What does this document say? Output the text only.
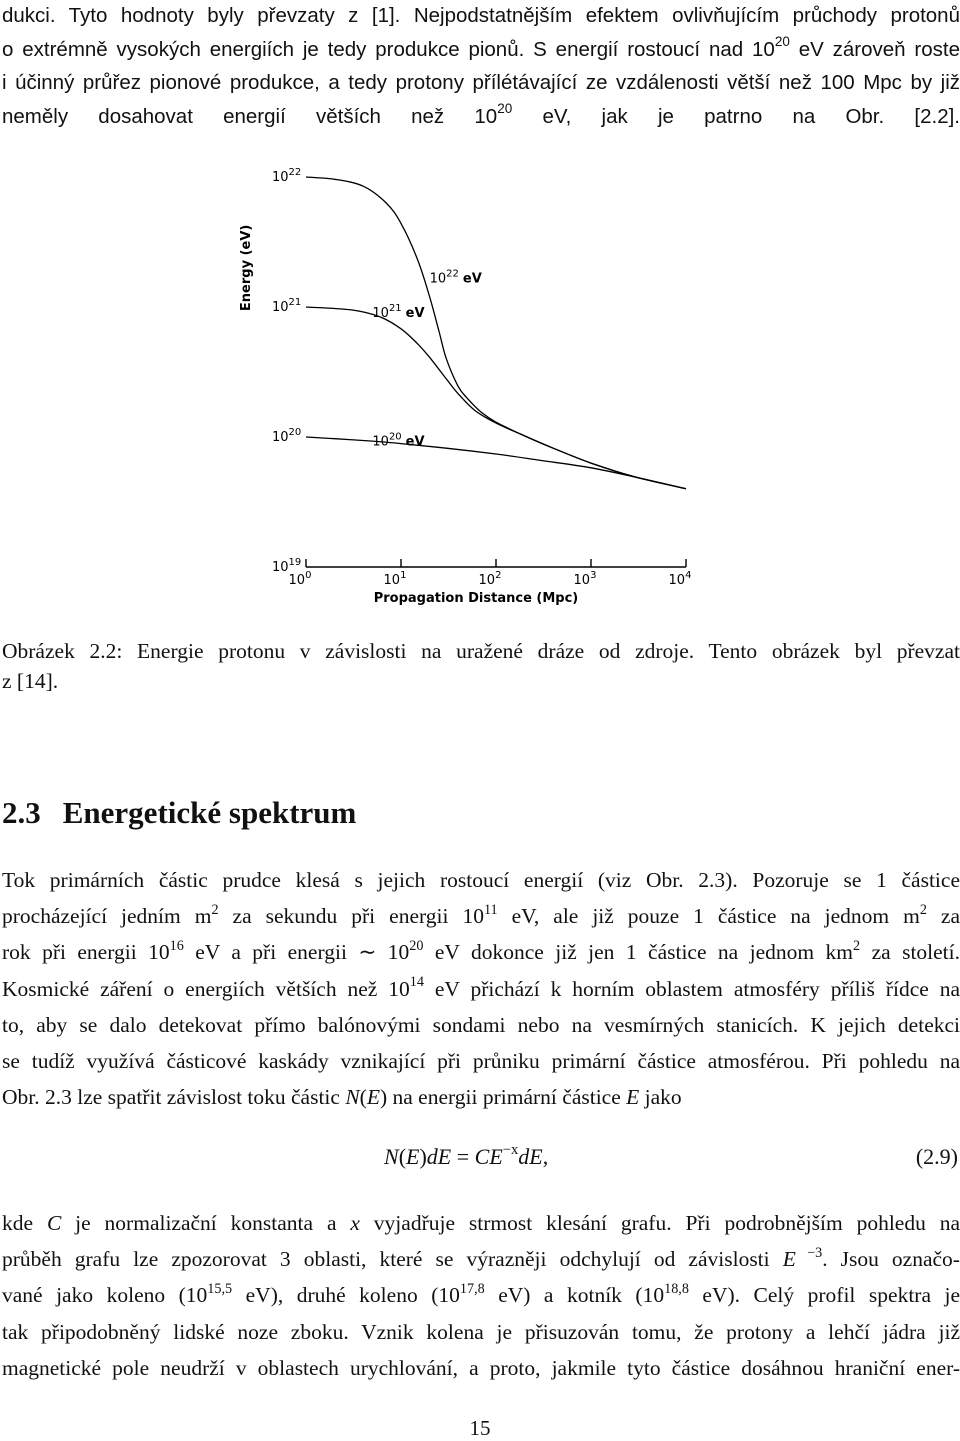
dukci. Tyto hodnoty byly převzaty z [1]. Nejpodstatnějším efektem ovlivňujícím průchody protonů
o extrémně vysokých energiích je tedy produkce pionů. S energií rostoucí nad $10^{20}$ eV zároveň roste
i účinný průřez pionové produkce, a tedy protony přílétávající ze vzdálenosti větší než 100 Mpc by již
neměly dosahovat energií větších než $10^{20}$ eV, jak je patrno na Obr. [2.2].
$10^0$	$10^1$	$10^2$	$10^3$	$10^4$
$10^{22}$
$10^{21}$
$10^{20}$
$10^{19}$
Propagation Distance (Mpc)
Energy (eV)	$10^{22}$ eV
$10^{21}$ eV
$10^{20}$ eV
Obrázek 2.2: Energie protonu v závislosti na uražené dráze od zdroje. Tento obrázek byl převzat
z [14].
2.3 Energetické spektrum
Tok primárních částic prudce klesá s jejich rostoucí energií (viz Obr. 2.3). Pozoruje se 1 částice
procházející jedním $m^2$ za sekundu při energii $10^{11}$ eV, ale již pouze 1 částice na jednom $m^2$ za
rok při energii $10^{16}$ eV a při energii ∼ $10^{20}$ eV dokonce již jen 1 částice na jednom $km^2$ za století.
Kosmické záření o energiích větších než $10^{14}$ eV přichází k horním oblastem atmosféry příliš řídce na
to, aby se dalo detekovat přímo balónovými sondami nebo na vesmírných stanicích. K jejich detekci
se tudíž využívá částicové kaskády vznikající při průniku primární částice atmosférou. Při pohledu na
Obr. 2.3 lze spatřit závislost toku částic N(E) na energii primární částice E jako
$N(E)dE = CE^{-x}dE$,	(2.9)
kde C je normalizační konstanta a x vyjadřuje strmost klesání grafu. Při podrobnějším pohledu na
průběh grafu lze zpozorovat 3 oblasti, které se výrazněji odchylují od závislosti E $^{-3}$. Jsou označo-
vané jako koleno (10$^{15,5}$ eV), druhé koleno (10$^{17,8}$ eV) a kotník (10$^{18,8}$ eV). Celý profil spektra je
tak připodobněný lidské noze zboku. Vznik kolena je přisuzován tomu, že protony a lehčí jádra již
magnetické pole neudrží v oblastech urychlování, a proto, jakmile tyto částice dosáhnou hraniční ener-
15
